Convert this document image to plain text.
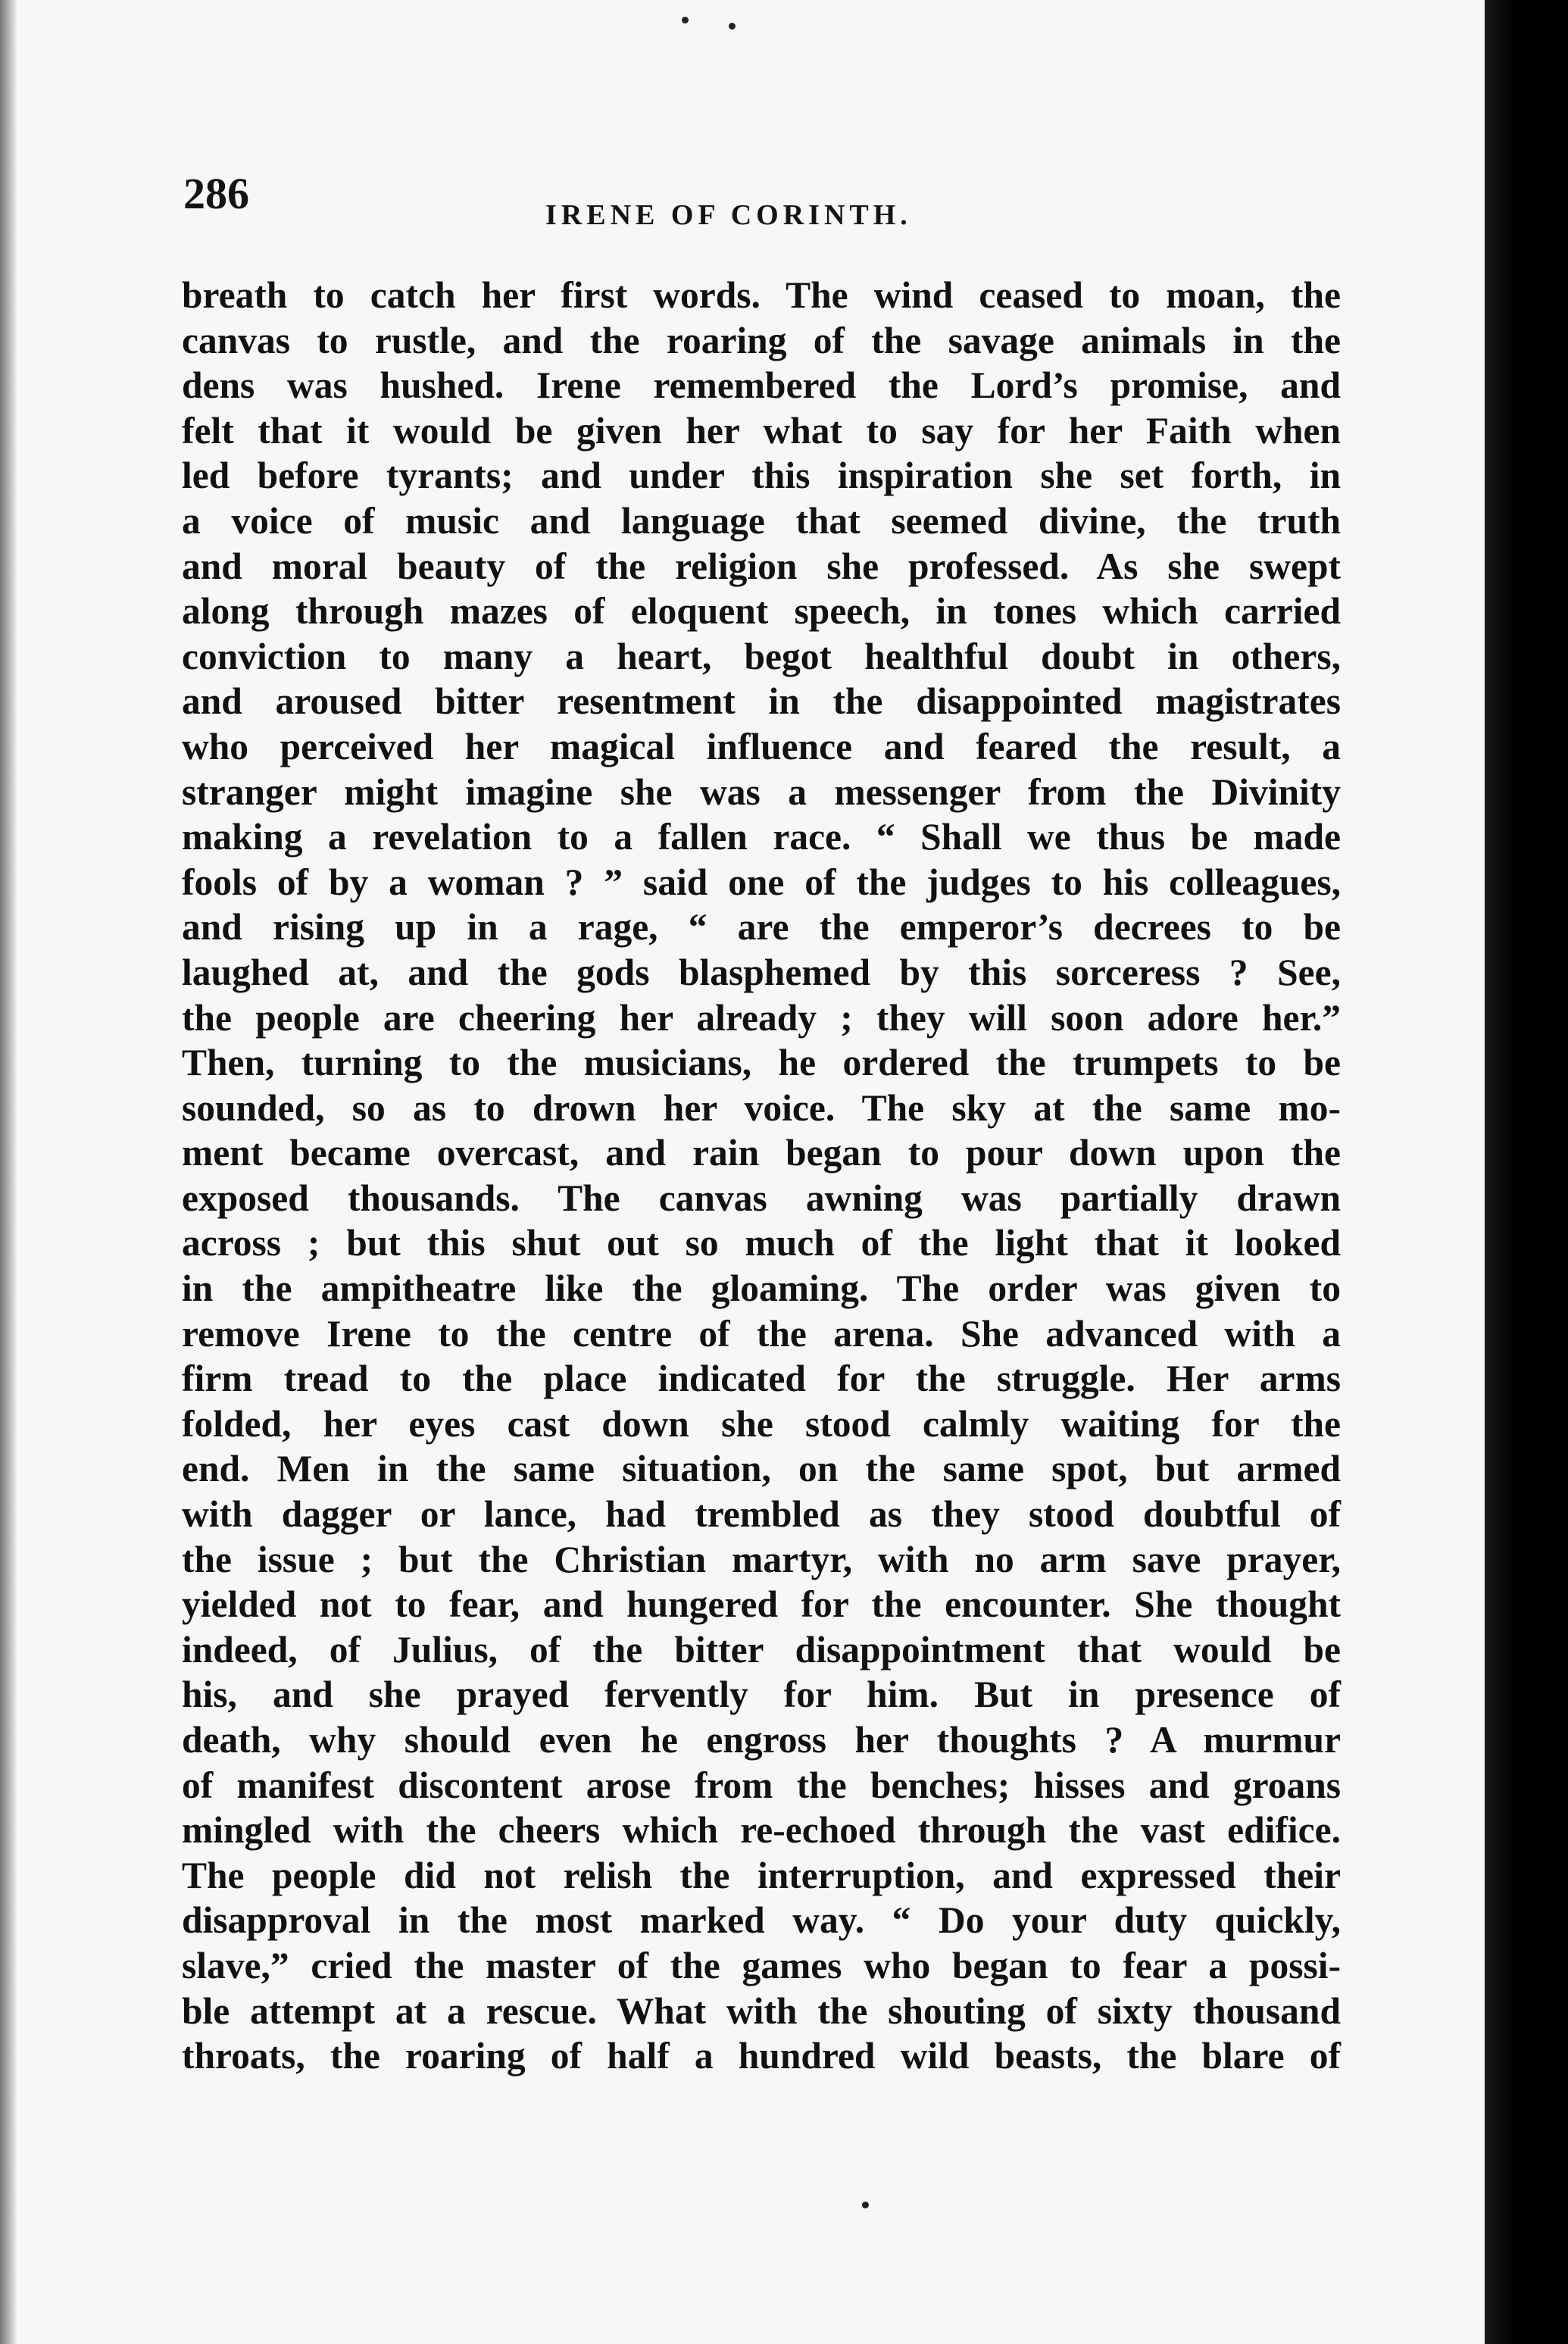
286	IRENE OF CORINTH.
breath to catch her first words. The wind ceased to moan, the
canvas to rustle, and the roaring of the savage animals in the
dens was hushed. Irene remembered the Lord’s promise, and
felt that it would be given her what to say for her Faith when
led before tyrants; and under this inspiration she set forth, in
a voice of music and language that seemed divine, the truth
and moral beauty of the religion she professed. As she swept
along through mazes of eloquent speech, in tones which carried
conviction to many a heart, begot healthful doubt in others,
and aroused bitter resentment in the disappointed magistrates
who perceived her magical influence and feared the result, a
stranger might imagine she was a messenger from the Divinity
making a revelation to a fallen race. “ Shall we thus be made
fools of by a woman ? ” said one of the judges to his colleagues,
and rising up in a rage, “ are the emperor’s decrees to be
laughed at, and the gods blasphemed by this sorceress ? See,
the people are cheering her already ; they will soon adore her.”
Then, turning to the musicians, he ordered the trumpets to be
sounded, so as to drown her voice. The sky at the same mo-
ment became overcast, and rain began to pour down upon the
exposed thousands. The canvas awning was partially drawn
across ; but this shut out so much of the light that it looked
in the ampitheatre like the gloaming. The order was given to
remove Irene to the centre of the arena. She advanced with a
firm tread to the place indicated for the struggle. Her arms
folded, her eyes cast down she stood calmly waiting for the
end. Men in the same situation, on the same spot, but armed
with dagger or lance, had trembled as they stood doubtful of
the issue ; but the Christian martyr, with no arm save prayer,
yielded not to fear, and hungered for the encounter. She thought
indeed, of Julius, of the bitter disappointment that would be
his, and she prayed fervently for him. But in presence of
death, why should even he engross her thoughts ? A murmur
of manifest discontent arose from the benches; hisses and groans
mingled with the cheers which re-echoed through the vast edifice.
The people did not relish the interruption, and expressed their
disapproval in the most marked way. “ Do your duty quickly,
slave,” cried the master of the games who began to fear a possi-
ble attempt at a rescue. What with the shouting of sixty thousand
throats, the roaring of half a hundred wild beasts, the blare of
